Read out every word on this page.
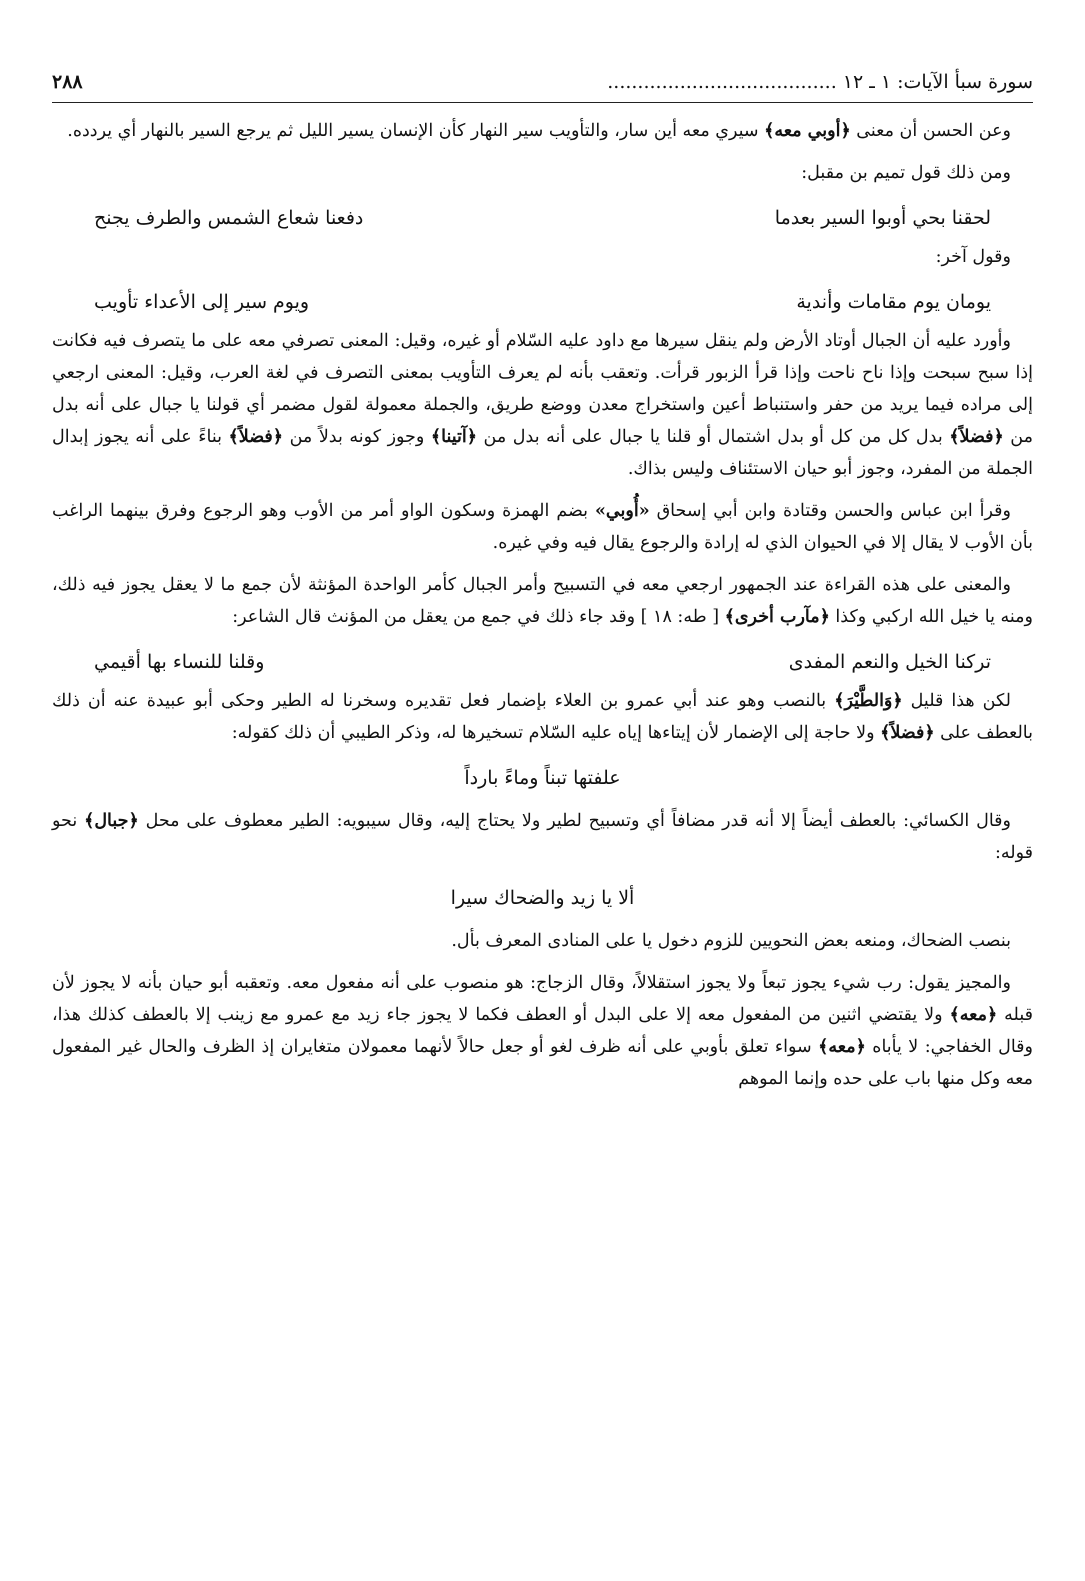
سورة سبأ الآيات: ١ ـ ١٢ ......................................
٢٨٨

وعن الحسن أن معنى ﴿أوبي معه﴾ سيري معه أين سار، والتأويب سير النهار كأن الإنسان يسير الليل ثم يرجع السير بالنهار أي يردده.

ومن ذلك قول تميم بن مقبل:

لحقنا بحي أوبوا السير بعدما
دفعنا شعاع الشمس والطرف يجنح

وقول آخر:

يومان يوم مقامات وأندية
ويوم سير إلى الأعداء تأويب

وأورد عليه أن الجبال أوتاد الأرض ولم ينقل سيرها مع داود عليه السّلام أو غيره، وقيل: المعنى تصرفي معه على ما يتصرف فيه فكانت إذا سبح سبحت وإذا ناح ناحت وإذا قرأ الزبور قرأت. وتعقب بأنه لم يعرف التأويب بمعنى التصرف في لغة العرب، وقيل: المعنى ارجعي إلى مراده فيما يريد من حفر واستنباط أعين واستخراج معدن ووضع طريق، والجملة معمولة لقول مضمر أي قولنا يا جبال على أنه بدل من ﴿فضلاً﴾ بدل كل من كل أو بدل اشتمال أو قلنا يا جبال على أنه بدل من ﴿آتينا﴾ وجوز كونه بدلاً من ﴿فضلاً﴾ بناءً على أنه يجوز إبدال الجملة من المفرد، وجوز أبو حيان الاستئناف وليس بذاك.

وقرأ ابن عباس والحسن وقتادة وابن أبي إسحاق «أُوبي» بضم الهمزة وسكون الواو أمر من الأوب وهو الرجوع وفرق بينهما الراغب بأن الأوب لا يقال إلا في الحيوان الذي له إرادة والرجوع يقال فيه وفي غيره.

والمعنى على هذه القراءة عند الجمهور ارجعي معه في التسبيح وأمر الجبال كأمر الواحدة المؤنثة لأن جمع ما لا يعقل يجوز فيه ذلك، ومنه يا خيل الله اركبي وكذا ﴿مآرب أخرى﴾ [ طه: ١٨ ] وقد جاء ذلك في جمع من يعقل من المؤنث قال الشاعر:

تركنا الخيل والنعم المفدى
وقلنا للنساء بها أقيمي

لكن هذا قليل ﴿وَالطَّيْرَ﴾ بالنصب وهو عند أبي عمرو بن العلاء بإضمار فعل تقديره وسخرنا له الطير وحكى أبو عبيدة عنه أن ذلك بالعطف على ﴿فضلاً﴾ ولا حاجة إلى الإضمار لأن إيتاءها إياه عليه السّلام تسخيرها له، وذكر الطيبي أن ذلك كقوله:

علفتها تبناً وماءً بارداً

وقال الكسائي: بالعطف أيضاً إلا أنه قدر مضافاً أي وتسبيح لطير ولا يحتاج إليه، وقال سيبويه: الطير معطوف على محل ﴿جبال﴾ نحو قوله:

ألا يا زيد والضحاك سيرا

بنصب الضحاك، ومنعه بعض النحويين للزوم دخول يا على المنادى المعرف بأل.

والمجيز يقول: رب شيء يجوز تبعاً ولا يجوز استقلالاً، وقال الزجاج: هو منصوب على أنه مفعول معه. وتعقبه أبو حيان بأنه لا يجوز لأن قبله ﴿معه﴾ ولا يقتضي اثنين من المفعول معه إلا على البدل أو العطف فكما لا يجوز جاء زيد مع عمرو مع زينب إلا بالعطف كذلك هذا، وقال الخفاجي: لا يأباه ﴿معه﴾ سواء تعلق بأوبي على أنه ظرف لغو أو جعل حالاً لأنهما معمولان متغايران إذ الظرف والحال غير المفعول معه وكل منها باب على حده وإنما الموهم
